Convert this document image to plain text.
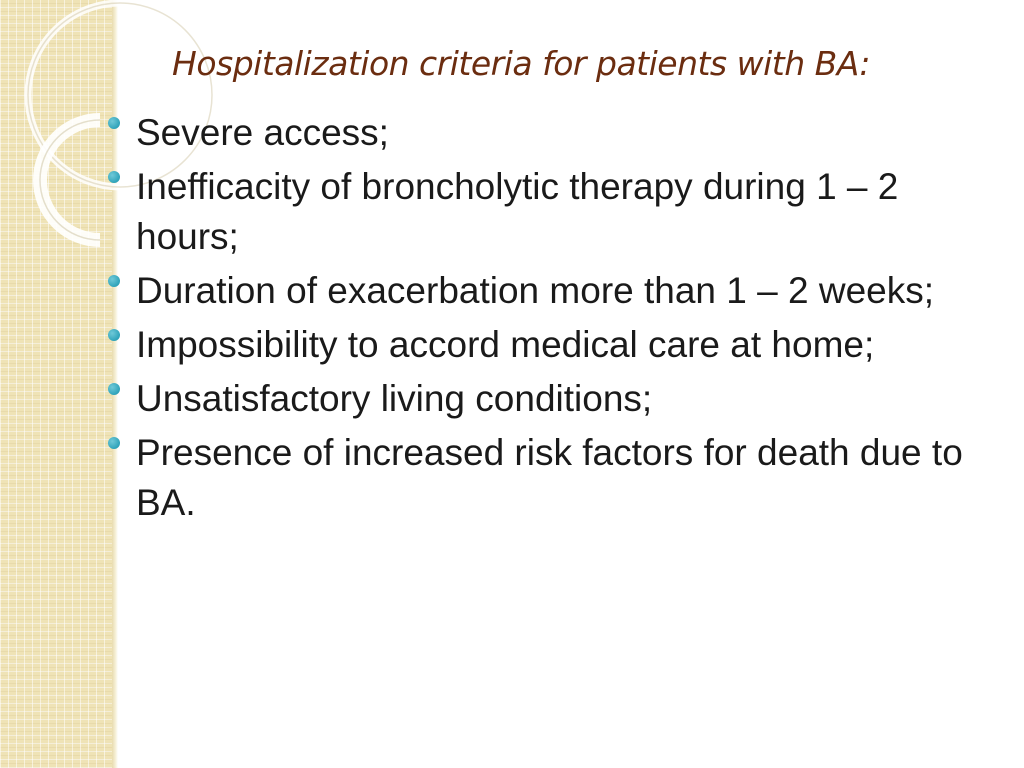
Hospitalization criteria for patients with BA:
Severe access;
Inefficacity of broncholytic therapy during 1 – 2 hours;
Duration of exacerbation more than 1 – 2 weeks;
Impossibility to accord medical care at home;
Unsatisfactory living conditions;
Presence of increased risk factors for death due to BA.
